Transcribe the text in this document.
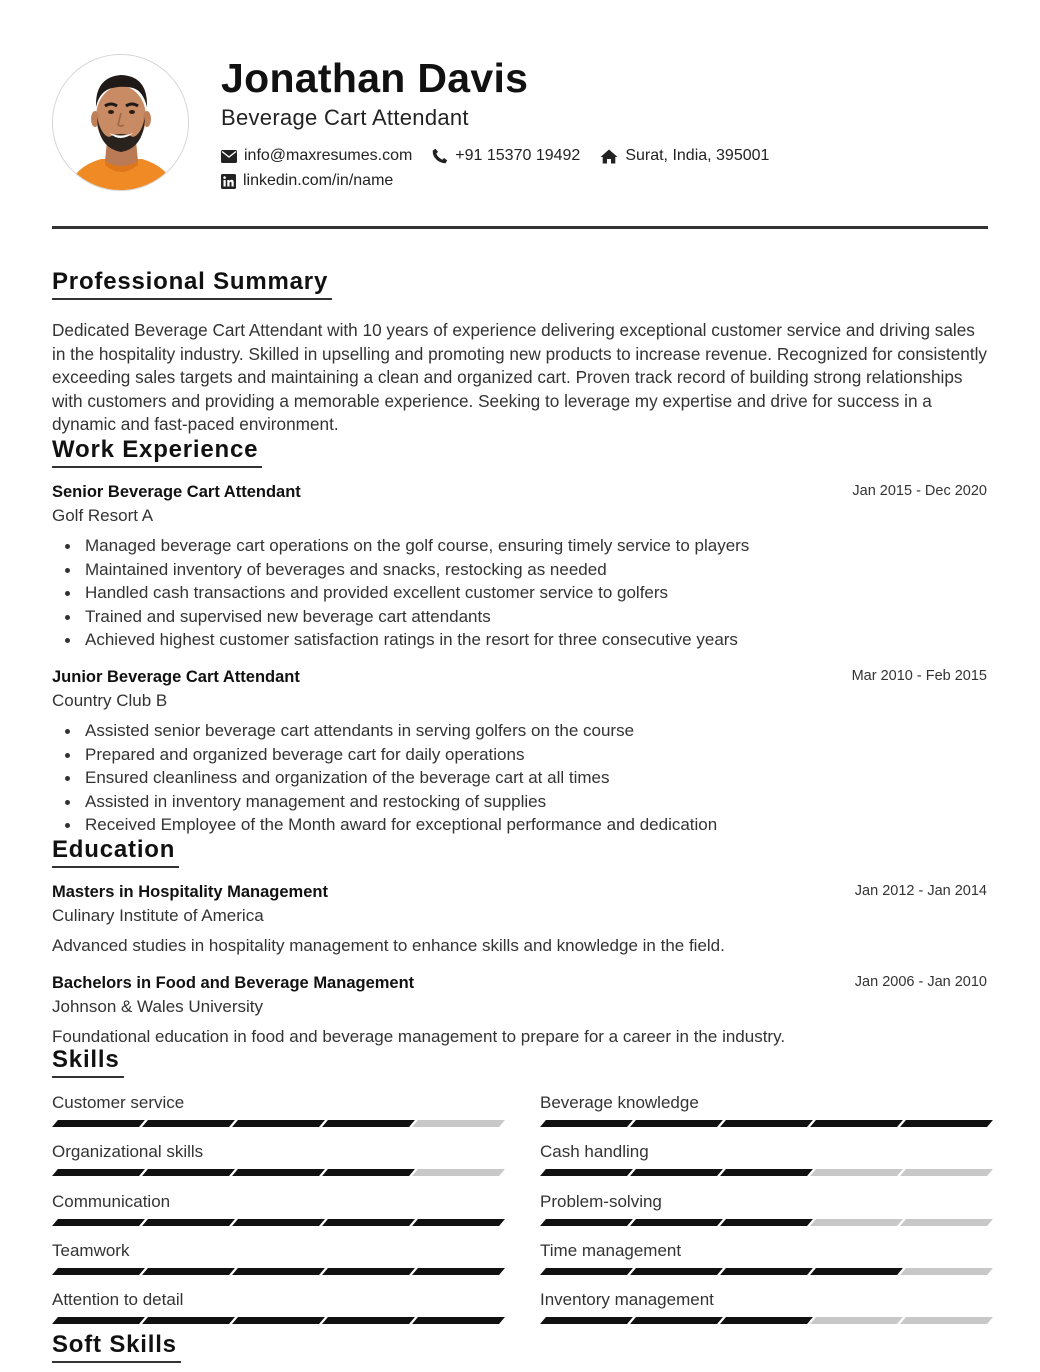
Jonathan Davis
Beverage Cart Attendant
info@maxresumes.com	+91 15370 19492	Surat, India, 395001
linkedin.com/in/name
Professional Summary
Dedicated Beverage Cart Attendant with 10 years of experience delivering exceptional customer service and driving sales in the hospitality industry. Skilled in upselling and promoting new products to increase revenue. Recognized for consistently exceeding sales targets and maintaining a clean and organized cart. Proven track record of building strong relationships with customers and providing a memorable experience. Seeking to leverage my expertise and drive for success in a dynamic and fast-paced environment.
Work Experience
Senior Beverage Cart Attendant
Golf Resort A
Jan 2015 - Dec 2020
Managed beverage cart operations on the golf course, ensuring timely service to players
Maintained inventory of beverages and snacks, restocking as needed
Handled cash transactions and provided excellent customer service to golfers
Trained and supervised new beverage cart attendants
Achieved highest customer satisfaction ratings in the resort for three consecutive years
Junior Beverage Cart Attendant
Country Club B
Mar 2010 - Feb 2015
Assisted senior beverage cart attendants in serving golfers on the course
Prepared and organized beverage cart for daily operations
Ensured cleanliness and organization of the beverage cart at all times
Assisted in inventory management and restocking of supplies
Received Employee of the Month award for exceptional performance and dedication
Education
Masters in Hospitality Management
Culinary Institute of America
Jan 2012 - Jan 2014
Advanced studies in hospitality management to enhance skills and knowledge in the field.
Bachelors in Food and Beverage Management
Johnson & Wales University
Jan 2006 - Jan 2010
Foundational education in food and beverage management to prepare for a career in the industry.
Skills
Customer service	Beverage knowledge
Organizational skills	Cash handling
Communication	Problem-solving
Teamwork	Time management
Attention to detail	Inventory management
Soft Skills
